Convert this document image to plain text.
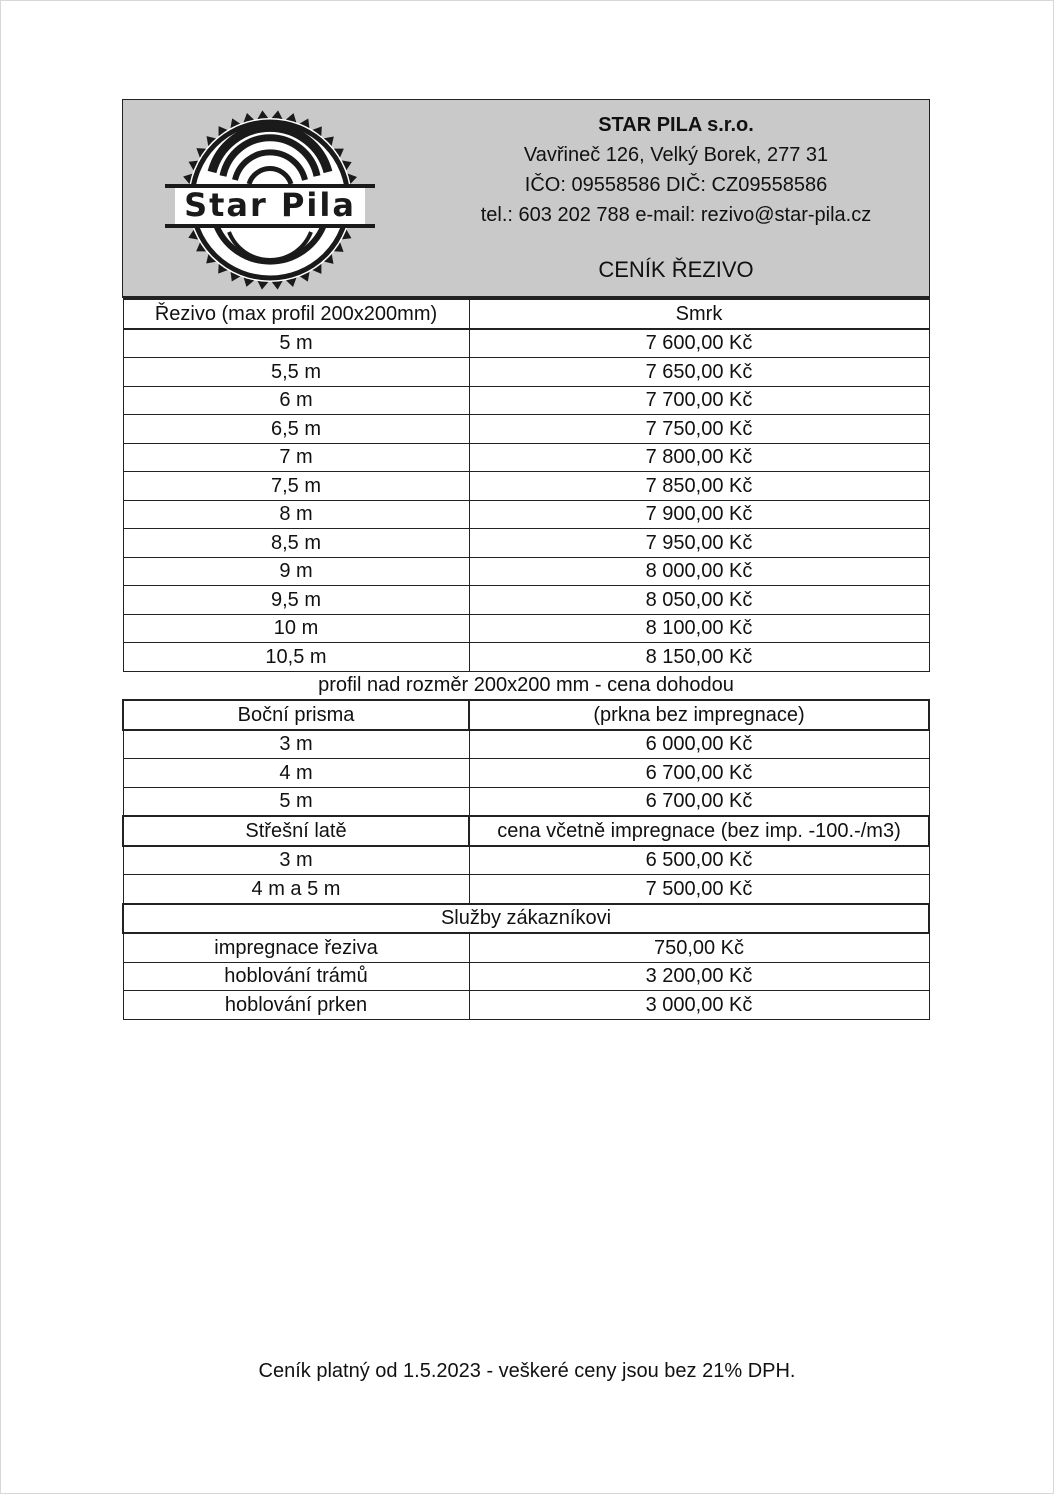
Star Pila
STAR PILA s.r.o.
Vavřineč 126, Velký Borek, 277 31
IČO: 09558586 DIČ: CZ09558586
tel.: 603 202 788 e-mail: rezivo@star-pila.cz
CENÍK ŘEZIVO
Řezivo (max profil 200x200mm)	Smrk
5 m	7 600,00 Kč
5,5 m	7 650,00 Kč
6 m	7 700,00 Kč
6,5 m	7 750,00 Kč
7 m	7 800,00 Kč
7,5 m	7 850,00 Kč
8 m	7 900,00 Kč
8,5 m	7 950,00 Kč
9 m	8 000,00 Kč
9,5 m	8 050,00 Kč
10 m	8 100,00 Kč
10,5 m	8 150,00 Kč
profil nad rozměr 200x200 mm - cena dohodou	
Boční prisma	(prkna bez impregnace)
3 m	6 000,00 Kč
4 m	6 700,00 Kč
5 m	6 700,00 Kč
Střešní latě	cena včetně impregnace (bez imp. -100.-/m3)
3 m	6 500,00 Kč
4 m a 5 m	7 500,00 Kč
Služby zákazníkovi	
impregnace řeziva	750,00 Kč
hoblování trámů	3 200,00 Kč
hoblování prken	3 000,00 Kč
Ceník platný od 1.5.2023 - veškeré ceny jsou bez 21% DPH.
